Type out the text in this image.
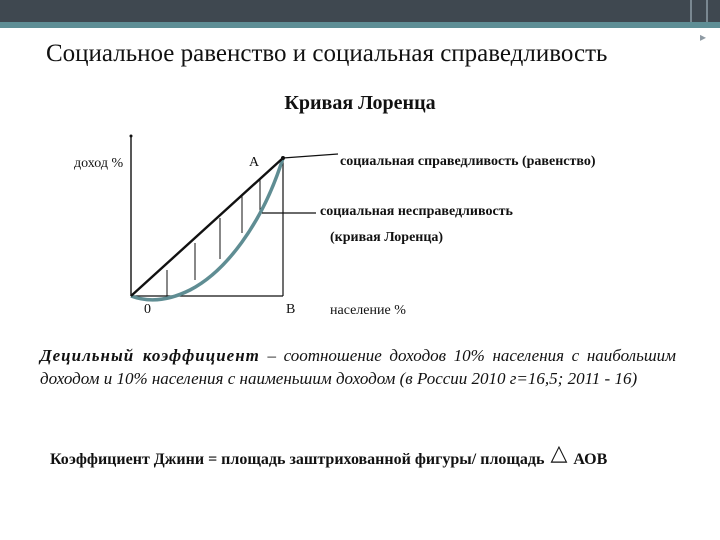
▸
Социальное равенство и социальная справедливость
Кривая Лоренца
доход %	А	социальная справедливость (равенство)
социальная несправедливость
(кривая Лоренца)
0	В население %
Децильный коэффициент – соотношение доходов 10% населения с наибольшим доходом и 10% населения с наименьшим доходом (в России 2010 г=16,5; 2011 - 16)
Коэффициент Джини = площадь заштрихованной фигуры/ площадь △ АОВ
